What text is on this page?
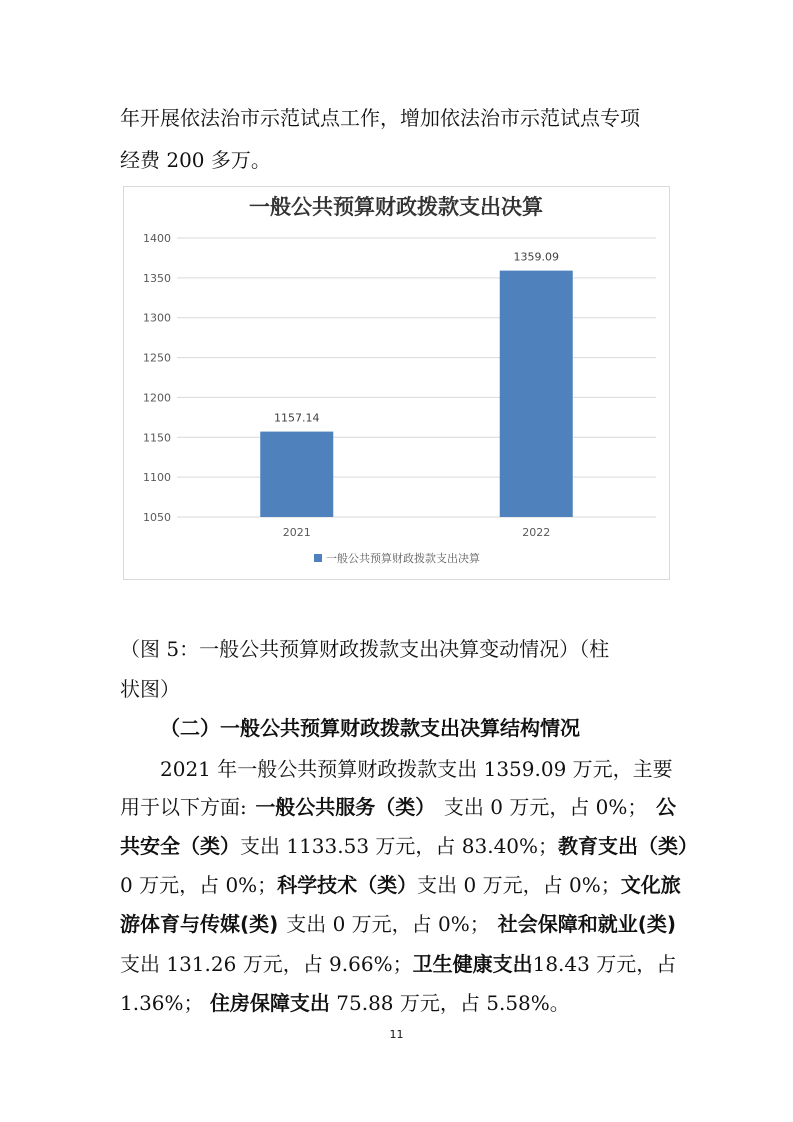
年开展依法治市示范试点工作，增加依法治市示范试点专项
经费 200 多万。
一般公共预算财政拨款支出决算
1050
1100
1150
1200
1250
1300
1350
1400
1157.14
1359.09
2021	2022
一般公共预算财政拨款支出决算
（图 5：一般公共预算财政拨款支出决算变动情况）（柱
状图）
（二）一般公共预算财政拨款支出决算结构情况
2021 年一般公共预算财政拨款支出 1359.09 万元，主要
用于以下方面: 一般公共服务（类） 支出 0 万元，占 0%； 公
共安全（类） 支出 1133.53 万元，占 83.40%； 教育支出（类）
0 万元，占 0%； 科学技术（类） 支出 0 万元，占 0%； 文化旅
游体育与传媒(类) 支出 0 万元，占 0%； 社会保障和就业(类)
支出 131.26 万元，占 9.66%； 卫生健康支出 18.43 万元，占
1.36%； 住房保障支出 75.88 万元，占 5.58%。
11
